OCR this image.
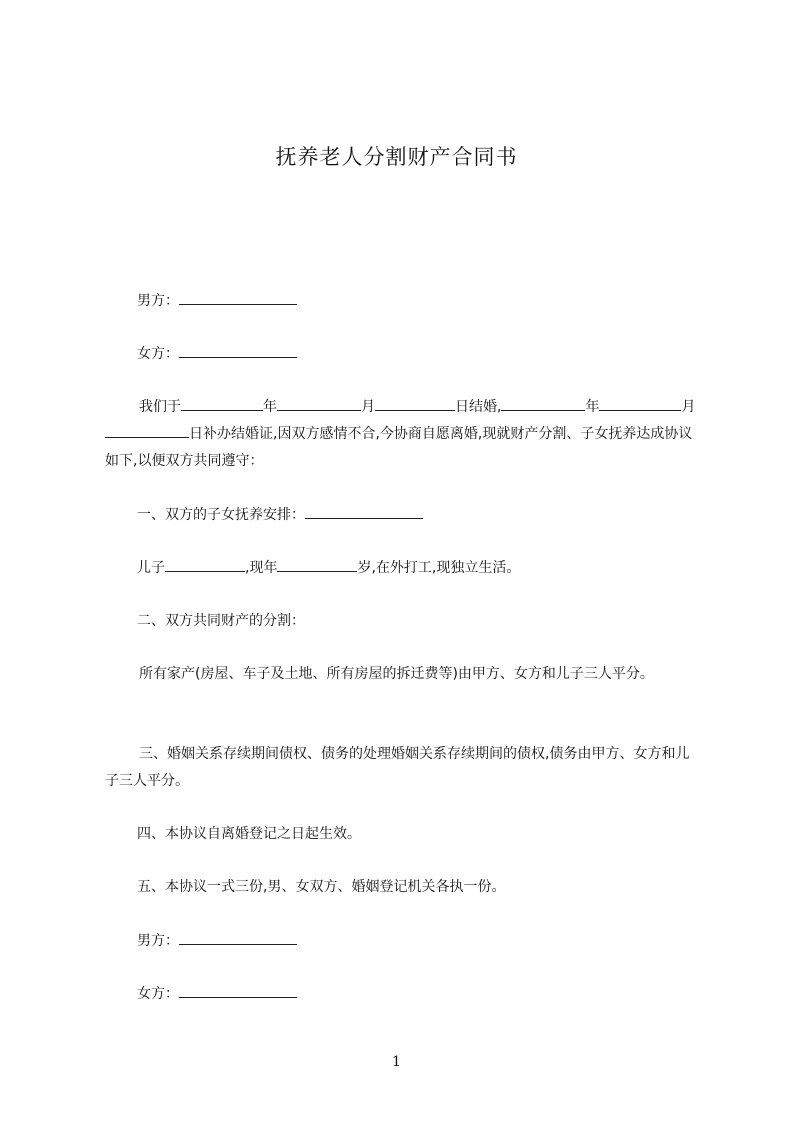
抚养老人分割财产合同书

男方：

女方：

我们于	年	月	日结婚,	年	月日补办结婚证,因双方感情不合,今协商自愿离婚,现就财产分割、子女抚养达成协议如下,以便双方共同遵守：

一、双方的子女抚养安排：

儿子	,现年	岁,在外打工,现独立生活。

二、双方共同财产的分割：

所有家产(房屋、车子及土地、所有房屋的拆迁费等)由甲方、女方和儿子三人平分。

三、婚姻关系存续期间债权、债务的处理婚姻关系存续期间的债权,债务由甲方、女方和儿子三人平分。

四、本协议自离婚登记之日起生效。

五、本协议一式三份,男、女双方、婚姻登记机关各执一份。

男方：

女方：

1
